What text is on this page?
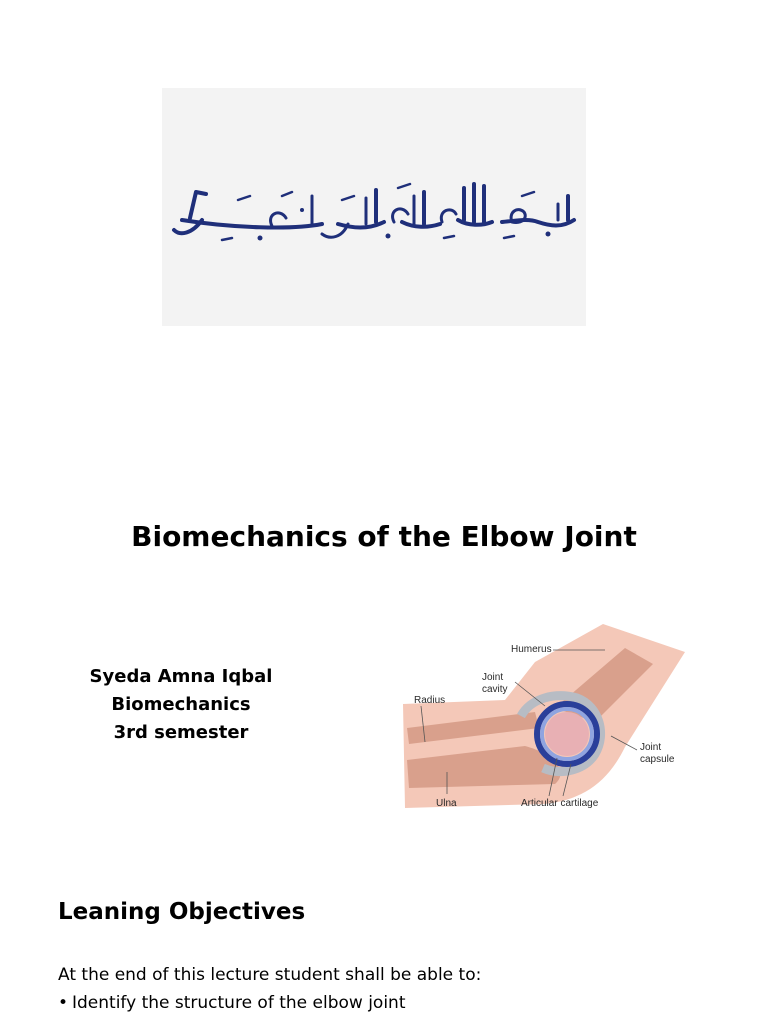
Biomechanics of the Elbow Joint
Syeda Amna Iqbal
Biomechanics
3rd semester
Humerus
Joint
cavity
Radius
Joint
capsule
Ulna	Articular cartilage
Leaning Objectives
At the end of this lecture student shall be able to:
• Identify the structure of the elbow joint
